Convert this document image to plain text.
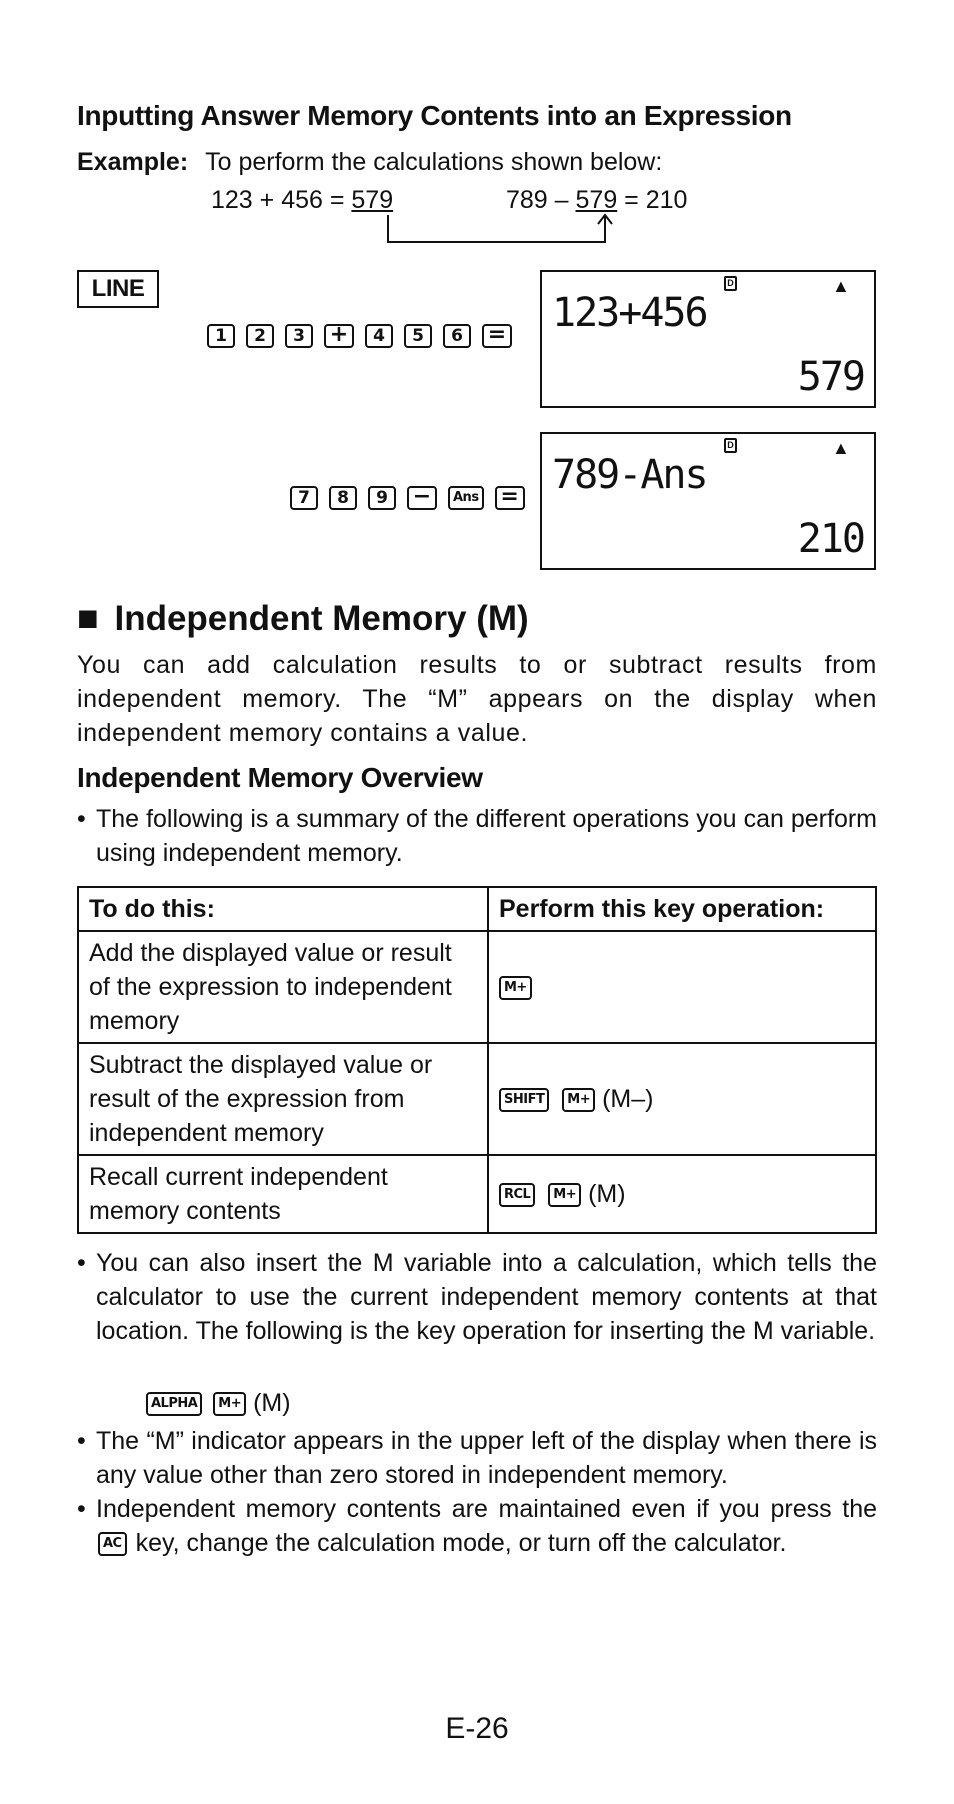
Inputting Answer Memory Contents into an Expression
Example: To perform the calculations shown below:
123 + 456 = 579	789 – 579 = 210
LINE
1	2	3	+	4	5	6	= 123+456
D	▲
579
7	8	9	−	Ans = 789-Ans
D	▲
210
■ Independent Memory (M)
You can add calculation results to or subtract results from independent memory. The “M” appears on the display when independent memory contains a value.
Independent Memory Overview
• The following is a summary of the different operations you can perform using independent memory.
To do this:	Perform this key operation:
Add the displayed value or result of the expression to independent memory	M+
Subtract the displayed value or result of the expression from independent memory	SHIFT M+ (M–)
Recall current independent memory contents	RCL M+ (M)
• You can also insert the M variable into a calculation, which tells the calculator to use the current independent memory contents at that location. The following is the key operation for inserting the M variable.
ALPHA M+ (M)
• The “M” indicator appears in the upper left of the display when there is any value other than zero stored in independent memory.
• Independent memory contents are maintained even if you press the AC key, change the calculation mode, or turn off the calculator.
E-26
